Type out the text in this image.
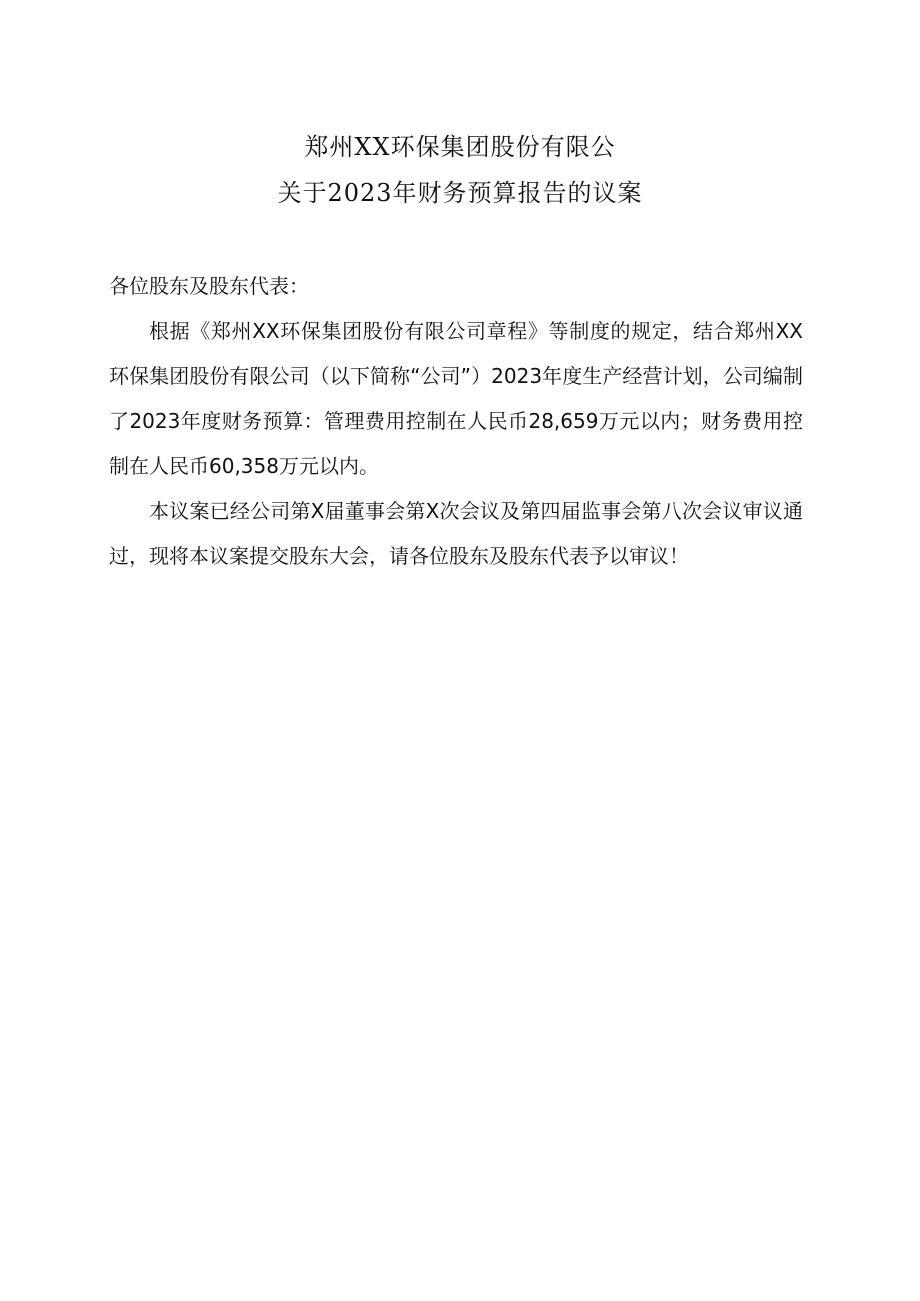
郑州XX环保集团股份有限公
关于2023年财务预算报告的议案

各位股东及股东代表：

根据《郑州XX环保集团股份有限公司章程》等制度的规定，结合郑州XX环保集团股份有限公司（以下简称“公司”）2023年度生产经营计划，公司编制了2023年度财务预算：管理费用控制在人民币28,659万元以内；财务费用控制在人民币60,358万元以内。

本议案已经公司第X届董事会第X次会议及第四届监事会第八次会议审议通过，现将本议案提交股东大会，请各位股东及股东代表予以审议！
